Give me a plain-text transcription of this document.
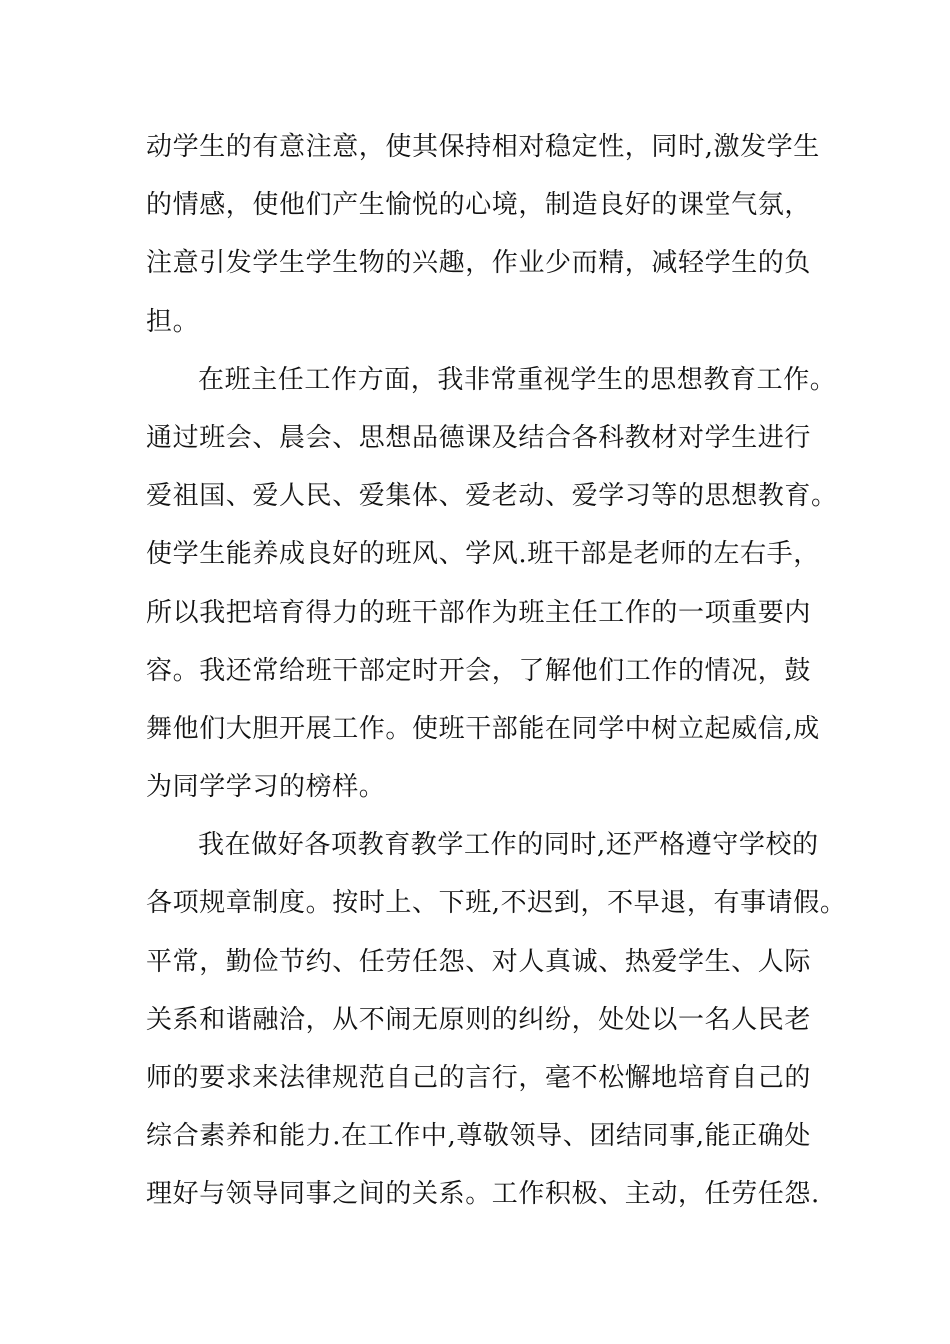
动学生的有意注意，使其保持相对稳定性，同时,激发学生
的情感，使他们产生愉悦的心境，制造良好的课堂气氛，
注意引发学生学生物的兴趣，作业少而精，减轻学生的负
担。
在班主任工作方面，我非常重视学生的思想教育工作。
通过班会、晨会、思想品德课及结合各科教材对学生进行
爱祖国、爱人民、爱集体、爱老动、爱学习等的思想教育。
使学生能养成良好的班风、学风.班干部是老师的左右手，
所以我把培育得力的班干部作为班主任工作的一项重要内
容。我还常给班干部定时开会，了解他们工作的情况，鼓
舞他们大胆开展工作。使班干部能在同学中树立起威信,成
为同学学习的榜样。
我在做好各项教育教学工作的同时,还严格遵守学校的
各项规章制度。按时上、下班,不迟到，不早退，有事请假。
平常，勤俭节约、任劳任怨、对人真诚、热爱学生、人际
关系和谐融洽，从不闹无原则的纠纷，处处以一名人民老
师的要求来法律规范自己的言行，毫不松懈地培育自己的
综合素养和能力.在工作中,尊敬领导、团结同事,能正确处
理好与领导同事之间的关系。工作积极、主动，任劳任怨.
